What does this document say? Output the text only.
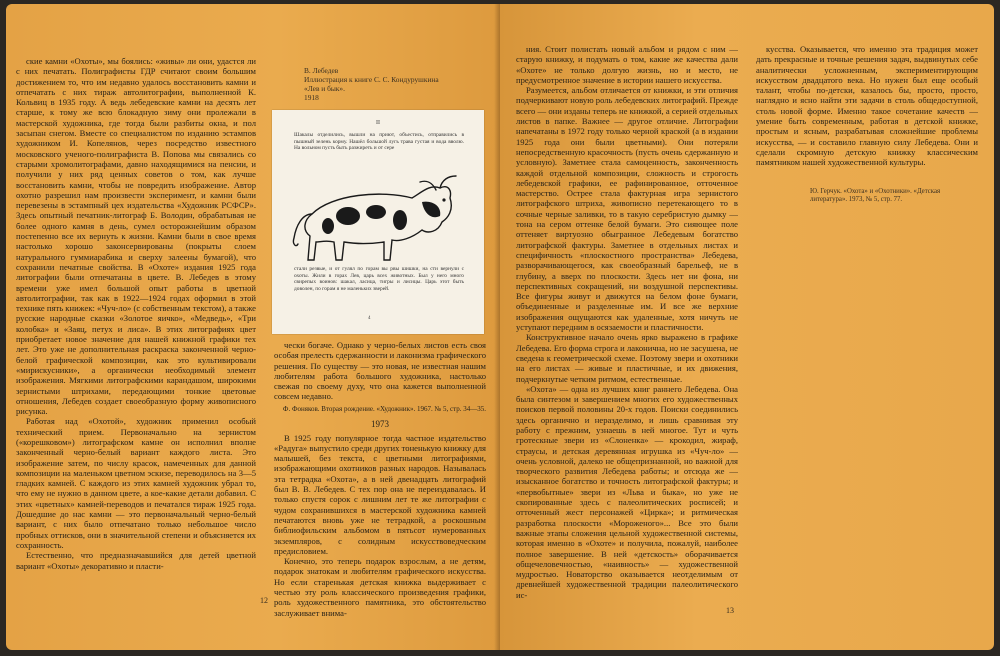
ские камни «Охоты», мы боялись: «живы» ли они, удастся ли с них печатать. Полиграфисты ГДР считают своим большим достижением то, что им недавно удалось восстановить камни и отпечатать с них тираж автолитографии, выполненной К. Кольвиц в 1935 году. А ведь лебедевские камни на десять лет старше, к тому же всю блокадную зиму они пролежали в мастерской художника, где тогда были разбиты окна, и пол засыпан снегом. Вместе со специалистом по изданию эстампов художником И. Копелянов, через посредство известного московского ученого-полиграфиста В. Попова мы связались со старыми хромолитографами, давно находящимися на пенсии, и получили у них ряд ценных советов о том, как лучше восстановить камни, чтобы не повредить изображение. Автор охотно разрешил нам произвести эксперимент, и камни были перевезены в эстампный цех издательства «Художник РСФСР». Здесь опытный печатник-литограф Б. Володин, обрабатывая не более одного камня в день, сумел осторожнейшим образом постепенно все их вернуть к жизни. Камни были в свое время настолько хорошо законсервированы (покрыты слоем натурального гуммиарабика и сверху залеены бумагой), что сохранили печатные свойства. В «Охоте» издания 1925 года литографии были отпечатаны в цвете. В. Лебедев в этому времени уже имел большой опыт работы в цветной автолитографии, так как в 1922—1924 годах оформил в этой технике пять книжек: «Чуч-ло» (с собственным текстом), а также русские народные сказки «Золотое яичко», «Медведь», «Три колобка» и «Заяц, петух и лиса». В этих литографиях цвет приобретает новое значение для нашей книжной графики тех лет. Это уже не дополнительная раскраска законченной черно-белой графической композиции, как это культивировали «мирискусники», а органически необходимый элемент изображения. Мягкими литографскими карандашом, широкими зернистыми штрихами, передающими тонкие цветовые отношения, Лебедев создает своеобразную форму живописного рисунка.

Работая над «Охотой», художник применил особый технический прием. Первоначально на зернистом («корешковом») литографском камне он исполнил вполне законченный черно-белый вариант каждого листа. Это изображение затем, по числу красок, намеченных для данной композиции на маленьком цветном эскизе, переводилось на 3—5 гладких камней. С каждого из этих камней художник убрал то, что ему не нужно в данном цвете, а кое-какие детали добавил. С этих «цветных» камней-переводов и печатался тираж 1925 года. Дошедшие до нас камни — это первоначальный черно-белый вариант, с них было отпечатано только небольшое число пробных оттисков, они в значительной степени и объясняется их сохранность.

Естественно, что предназначавшийся для детей цветной вариант «Охоты» декоративно и пласти-

В. Лебедев
Иллюстрация к книге С. С. Кондурушкина
«Лев и бык».
1918
II
Шакалы отделились, вышли на приют, объестись, отправились в пышный зелень корму. Нашёл большой лугь трава густая и вода вволю. На вольном пусть быть разжиреть и от сере
стали резвые, и от гулял по горам вы рвы шишки, на сти вернули с охоты. Жили в горах Лев, царь всех животных. Был у него много свирепых воинов: шакал, ласица, тигры и лисицы. Царь этот быть доволен, по горам я не маленьких зверей.
4

чески богаче. Однако у черно-белых листов есть своя особая прелесть сдержанности и лаконизма графического решения. По существу — это новая, не известная нашим любителям работа большого художника, настолько свежая по своему духу, что она кажется выполненной совсем недавно.

Ф. Фоняков. Вторая рождение. «Художник». 1967. № 5, стр. 34—35.
1973

В 1925 году популярное тогда частное издательство «Радуга» выпустило среди других тоненькую книжку для малышей, без текста, с цветными литографиями, изображающими охотников разных народов. Называлась эта тетрадка «Охота», а в ней двенадцать литографий был В. В. Лебедев. С тех пор она не переиздавалась. И только спустя сорок с лишним лет те же литографии с чудом сохранившихся в мастерской художника камней печатаются вновь уже не тетрадкой, а роскошным библиофильским альбомом в пятьсот нумерованных экземпляров, с солидным искусствоведческим предисловием.

Конечно, это теперь подарок взрослым, а не детям, подарок знатокам и любителям графического искусства. Но если старенькая детская книжка выдерживает с честью эту роль классического произведения графики, роль художественного памятника, это обстоятельство заслуживает внима-

12

ния. Стоит полистать новый альбом и рядом с ним — старую книжку, и подумать о том, какие же качества дали «Охоте» не только долгую жизнь, но и место, не предусмотренное значение в истории нашего искусства.

Разумеется, альбом отличается от книжки, и эти отличия подчеркивают новую роль лебедевских литографий. Прежде всего — они изданы теперь не книжкой, а серией отдельных листов в папке. Важнее — другое отличие. Литографии напечатаны в 1972 году только черной краской (а в издании 1925 года они были цветными). Они потеряли непосредственную красочность (пусть очень сдержанную и условную). Заметнее стала самоценность, законченность каждой отдельной композиции, сложность и строгость лебедевской графики, ее рафинированное, отточенное мастерство. Острее стала фактурная игра зернистого литографского штриха, живописно перетекающего то в сочные черные заливки, то в такую серебристую дымку — тона на сером оттенке белой бумаги. Это сияющее поле оттеняет виртуозно обыгранное Лебедевым богатство литографской фактуры. Заметнее в отдельных листах и специфичность «плоскостного пространства» Лебедева, разворачивающегося, как своеобразный барельеф, не в глубину, а вверх по плоскости. Здесь нет ни фона, ни перспективных сокращений, ни воздушной перспективы. Все фигуры живут и движутся на белом фоне бумаги, объединенные и разделенные им. И все же верхние изображения ощущаются как удаленные, хотя ничуть не уступают передним в осязаемости и пластичности.

Конструктивное начало очень ярко выражено в графике Лебедева. Его форма строга и лаконична, но не засушена, не сведена к геометрической схеме. Поэтому звери и охотники на его листах — живые и пластичные, и их движения, подчеркнутые четким ритмом, естественные.

«Охота» — одна из лучших книг раннего Лебедева. Она была синтезом и завершением многих его художественных поисков первой половины 20-х годов. Поиски соединились здесь органично и неразделимо, и лишь сравнивая эту работу с прежним, узнаешь в ней многое. Тут и чуть гротескные звери из «Слоненка» — крокодил, жираф, страусы, и детская деревянная игрушка из «Чуч-ло» — очень условной, далеко не общепризнанной, но важной для творческого развития Лебедева работы; и отсюда же — изысканное богатство и точность литографской фактуры; и «первобытные» звери из «Льва и быка», но уже не скопированные здесь с палеолитических росписей; и отточенный жест персонажей «Цирка»; и ритмическая разработка плоскости «Мороженого»... Все это были важные этапы сложения цельной художественной системы, которая именно в «Охоте» и получила, пожалуй, наиболее полное завершение. В ней «детскость» оборачивается общечеловечностью, «наивность» — художественной мудростью. Новаторство оказывается неотделимым от древнейшей художественной традиции палеолитического ис-

кусства. Оказывается, что именно эта традиция может дать прекрасные и точные решения задач, выдвинутых себе аналитически усложненным, экспериментирующим искусством двадцатого века. Но нужен был еще особый талант, чтобы по-детски, казалось бы, просто, просто, наглядно и ясно найти эти задачи в столь общедоступной, столь новой форме. Именно такое сочетание качеств — умение быть современным, работая в детской книжке, простым и ясным, разрабатывая сложнейшие проблемы искусства, — и составило главную силу Лебедева. Они и сделали скромную детскую книжку классическим памятником нашей художественной культуры.

Ю. Герчук. «Охота» и «Охотники». «Детская литература». 1973, № 5, стр. 77.
13
